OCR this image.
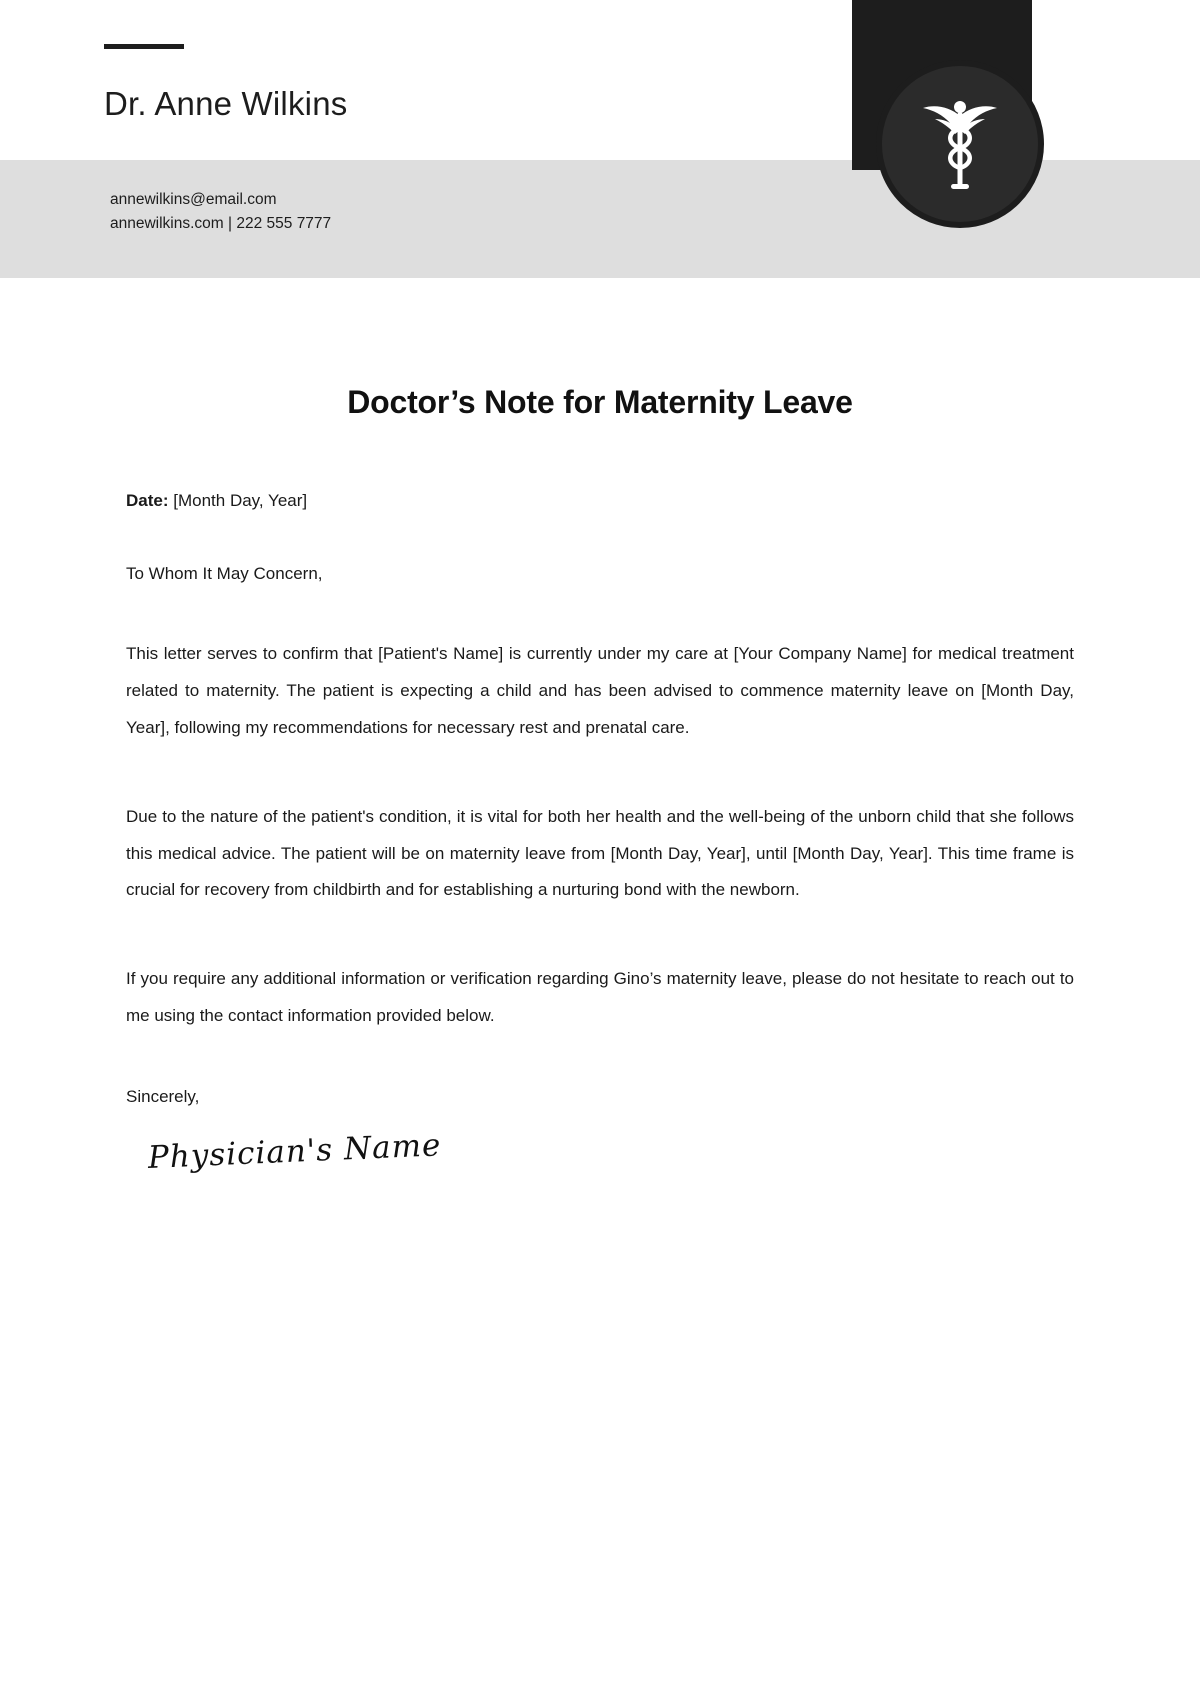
Dr. Anne Wilkins
annewilkins@email.com
annewilkins.com | 222 555 7777
Doctor’s Note for Maternity Leave
Date: [Month Day, Year]
To Whom It May Concern,

This letter serves to confirm that [Patient's Name] is currently under my care at [Your Company Name] for medical treatment related to maternity. The patient is expecting a child and has been advised to commence maternity leave on [Month Day, Year], following my recommendations for necessary rest and prenatal care.

Due to the nature of the patient's condition, it is vital for both her health and the well-being of the unborn child that she follows this medical advice. The patient will be on maternity leave from [Month Day, Year], until [Month Day, Year]. This time frame is crucial for recovery from childbirth and for establishing a nurturing bond with the newborn.

If you require any additional information or verification regarding Gino’s maternity leave, please do not hesitate to reach out to me using the contact information provided below.

Sincerely,
Physician's Name
